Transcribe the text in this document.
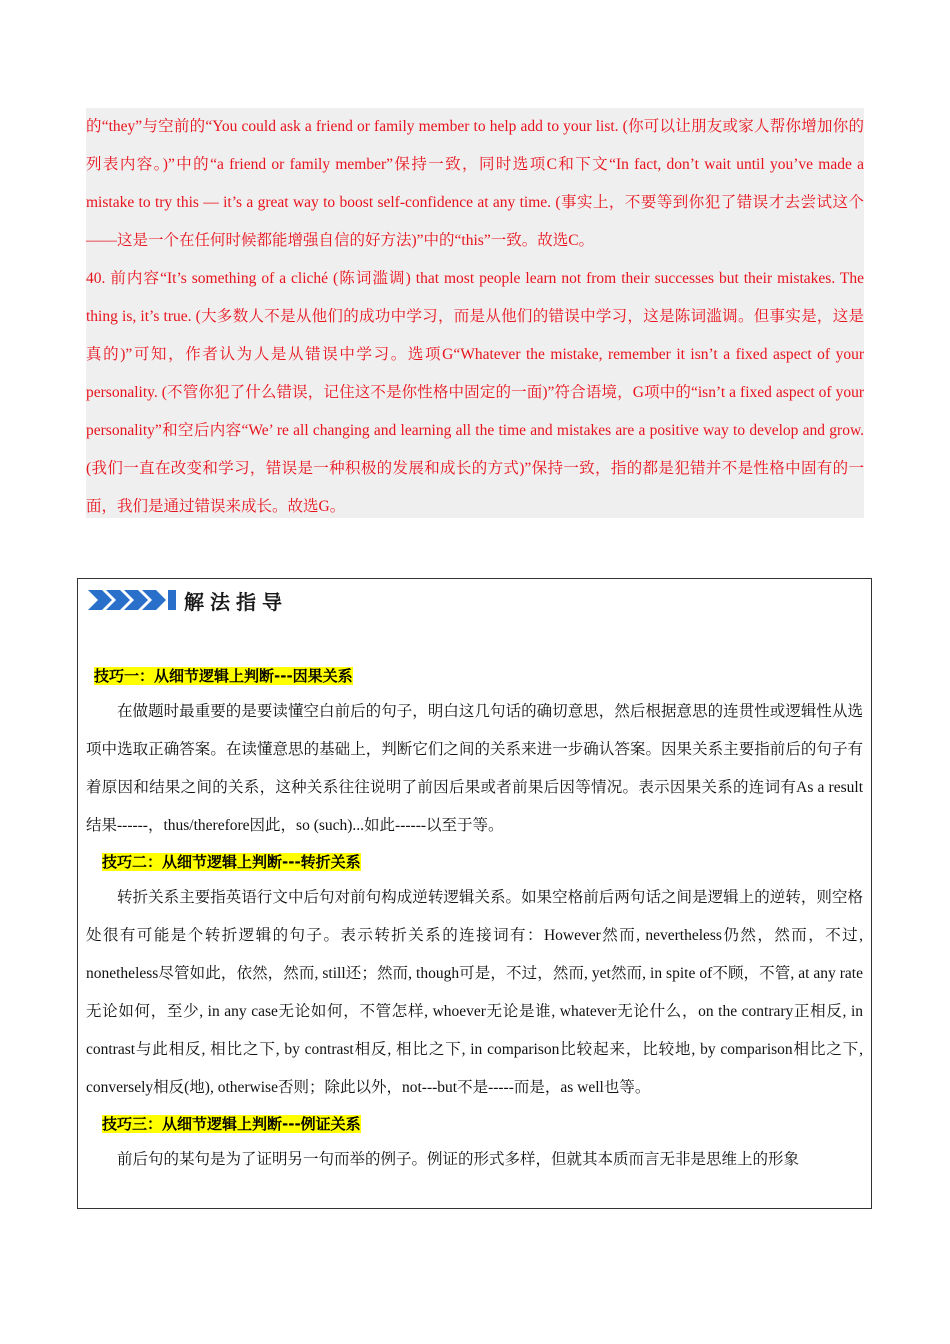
的“they”与空前的“You could ask a friend or family member to help add to your list. (你可以让朋友或家人帮你增加你的列表内容。)”中的“a friend or family member”保持一致，同时选项C和下文“In fact, don’t wait until you’ve made a mistake to try this — it’s a great way to boost self-confidence at any time. (事实上，不要等到你犯了错误才去尝试这个——这是一个在任何时候都能增强自信的好方法)”中的“this”一致。故选C。

40. 前内容“It’s something of a cliché (陈词滥调) that most people learn not from their successes but their mistakes. The thing is, it’s true. (大多数人不是从他们的成功中学习，而是从他们的错误中学习，这是陈词滥调。但事实是，这是真的)”可知，作者认为人是从错误中学习。选项G“Whatever the mistake, remember it isn’t a fixed aspect of your personality. (不管你犯了什么错误，记住这不是你性格中固定的一面)”符合语境，G项中的“isn’t a fixed aspect of your personality”和空后内容“We’ re all changing and learning all the time and mistakes are a positive way to develop and grow. (我们一直在改变和学习，错误是一种积极的发展和成长的方式)”保持一致，指的都是犯错并不是性格中固有的一面，我们是通过错误来成长。故选G。

解法指导

技巧一：从细节逻辑上判断---因果关系

在做题时最重要的是要读懂空白前后的句子，明白这几句话的确切意思，然后根据意思的连贯性或逻辑性从选项中选取正确答案。在读懂意思的基础上，判断它们之间的关系来进一步确认答案。因果关系主要指前后的句子有着原因和结果之间的关系，这种关系往往说明了前因后果或者前果后因等情况。表示因果关系的连词有As a result结果------，thus/therefore因此，so (such)...如此------以至于等。

技巧二：从细节逻辑上判断---转折关系

转折关系主要指英语行文中后句对前句构成逆转逻辑关系。如果空格前后两句话之间是逻辑上的逆转，则空格处很有可能是个转折逻辑的句子。表示转折关系的连接词有：However然而, nevertheless仍然，然而，不过, nonetheless尽管如此，依然，然而, still还；然而, though可是，不过，然而, yet然而, in spite of不顾，不管, at any rate无论如何，至少, in any case无论如何，不管怎样, whoever无论是谁, whatever无论什么，on the contrary正相反, in contrast与此相反, 相比之下, by contrast相反, 相比之下, in comparison比较起来，比较地, by comparison相比之下, conversely相反(地), otherwise否则；除此以外，not---but不是-----而是，as well也等。

技巧三：从细节逻辑上判断---例证关系

前后句的某句是为了证明另一句而举的例子。例证的形式多样，但就其本质而言无非是思维上的形象
